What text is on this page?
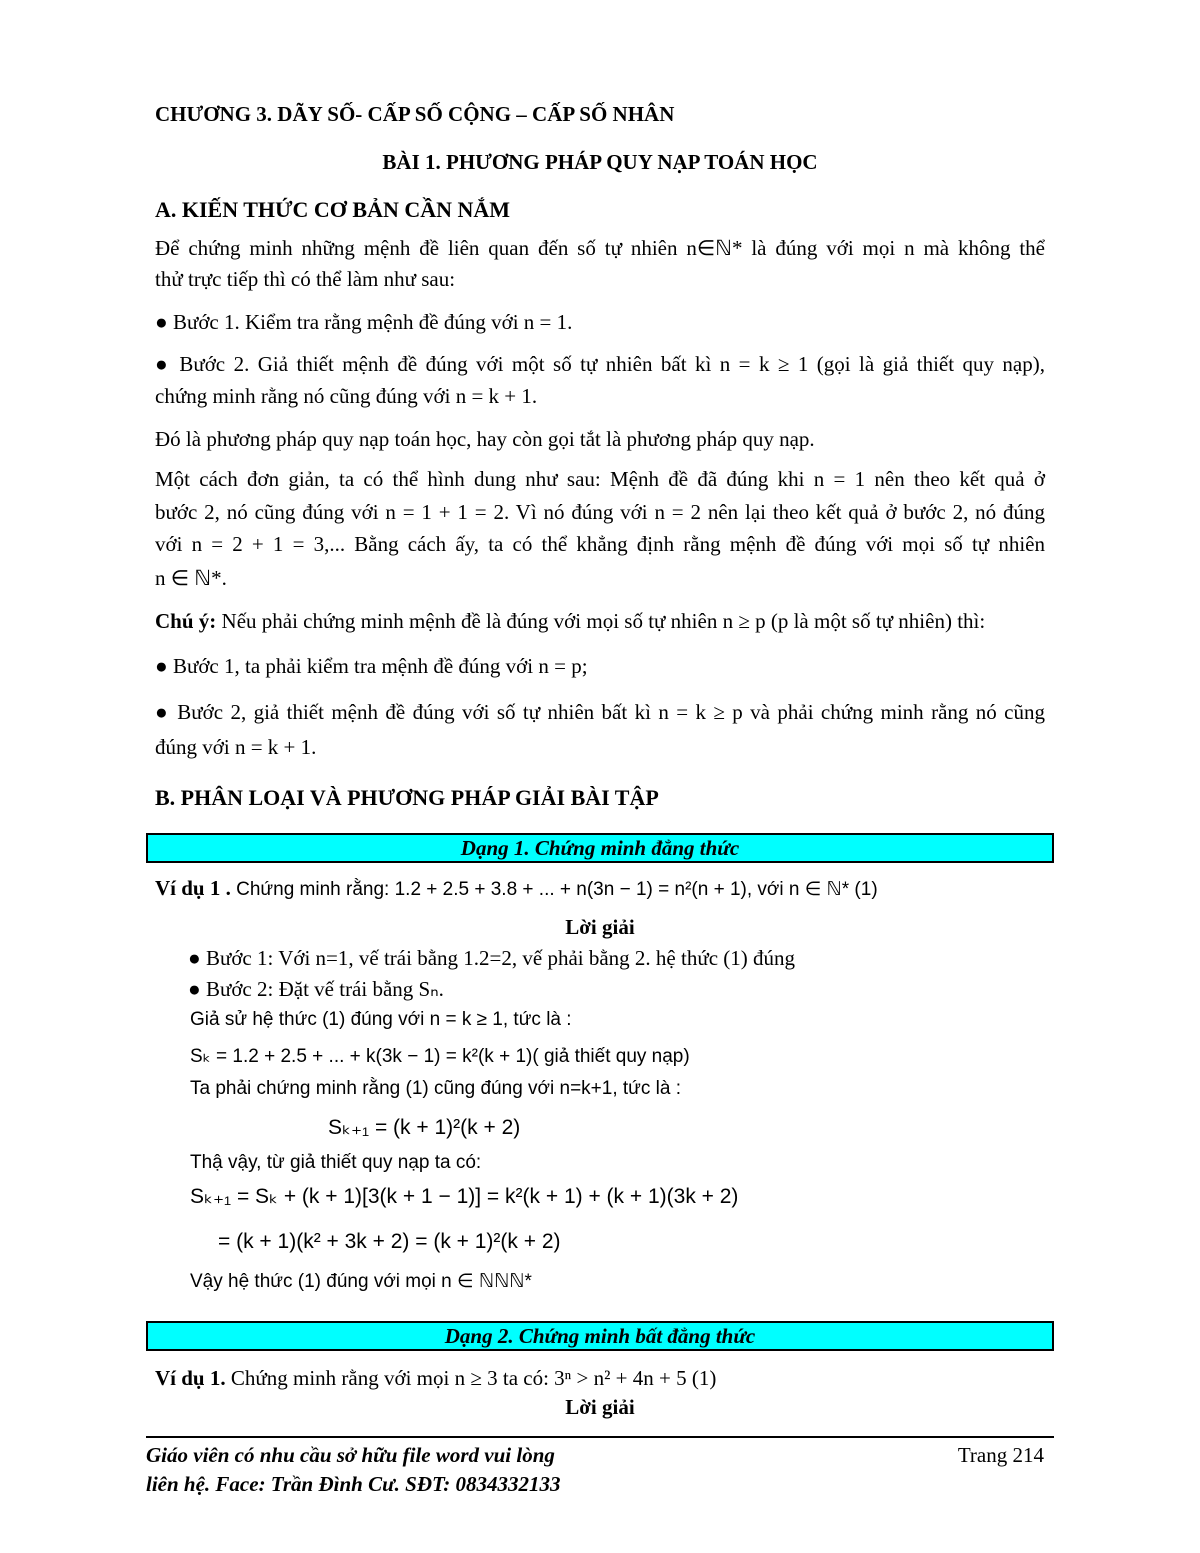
CHƯƠNG 3. DÃY SỐ- CẤP SỐ CỘNG – CẤP SỐ NHÂN
BÀI 1. PHƯƠNG PHÁP QUY NẠP TOÁN HỌC
A. KIẾN THỨC CƠ BẢN CẦN NẮM
Để chứng minh những mệnh đề liên quan đến số tự nhiên n∈ℕ* là đúng với mọi n mà không thể
thử trực tiếp thì có thể làm như sau:
● Bước 1. Kiểm tra rằng mệnh đề đúng với n = 1.
● Bước 2. Giả thiết mệnh đề đúng với một số tự nhiên bất kì n = k ≥ 1 (gọi là giả thiết quy nạp),
chứng minh rằng nó cũng đúng với n = k + 1.
Đó là phương pháp quy nạp toán học, hay còn gọi tắt là phương pháp quy nạp.
Một cách đơn giản, ta có thể hình dung như sau: Mệnh đề đã đúng khi n = 1 nên theo kết quả ở
bước 2, nó cũng đúng với n = 1 + 1 = 2. Vì nó đúng với n = 2 nên lại theo kết quả ở bước 2, nó đúng
với n = 2 + 1 = 3,... Bằng cách ấy, ta có thể khẳng định rằng mệnh đề đúng với mọi số tự nhiên
n ∈ ℕ*.
Chú ý: Nếu phải chứng minh mệnh đề là đúng với mọi số tự nhiên n ≥ p (p là một số tự nhiên) thì:
● Bước 1, ta phải kiểm tra mệnh đề đúng với n = p;
● Bước 2, giả thiết mệnh đề đúng với số tự nhiên bất kì n = k ≥ p và phải chứng minh rằng nó cũng
đúng với n = k + 1.
B. PHÂN LOẠI VÀ PHƯƠNG PHÁP GIẢI BÀI TẬP
Dạng 1. Chứng minh đẳng thức
Ví dụ 1 . Chứng minh rằng: 1.2 + 2.5 + 3.8 + ... + n(3n − 1) = n²(n + 1), với n ∈ ℕ* (1)
Lời giải
● Bước 1: Với n=1, vế trái bằng 1.2=2, vế phải bằng 2. hệ thức (1) đúng
● Bước 2: Đặt vế trái bằng Sₙ.
Giả sử hệ thức (1) đúng với n = k ≥ 1, tức là :
Sₖ = 1.2 + 2.5 + ... + k(3k − 1) = k²(k + 1)( giả thiết quy nạp)
Ta phải chứng minh rằng (1) cũng đúng với n=k+1, tức là :
Sₖ₊₁ = (k + 1)²(k + 2)
Thậ vậy, từ giả thiết quy nạp ta có:
Sₖ₊₁ = Sₖ + (k + 1)[3(k + 1 − 1)] = k²(k + 1) + (k + 1)(3k + 2)
= (k + 1)(k² + 3k + 2) = (k + 1)²(k + 2)
Vậy hệ thức (1) đúng với mọi n ∈ ℕℕℕ*
Dạng 2. Chứng minh bất đẳng thức
Ví dụ 1. Chứng minh rằng với mọi n ≥ 3 ta có: 3ⁿ > n² + 4n + 5 (1)
Lời giải
Giáo viên có nhu cầu sở hữu file word vui lòng
liên hệ. Face: Trần Đình Cư. SĐT: 0834332133
Trang 214
